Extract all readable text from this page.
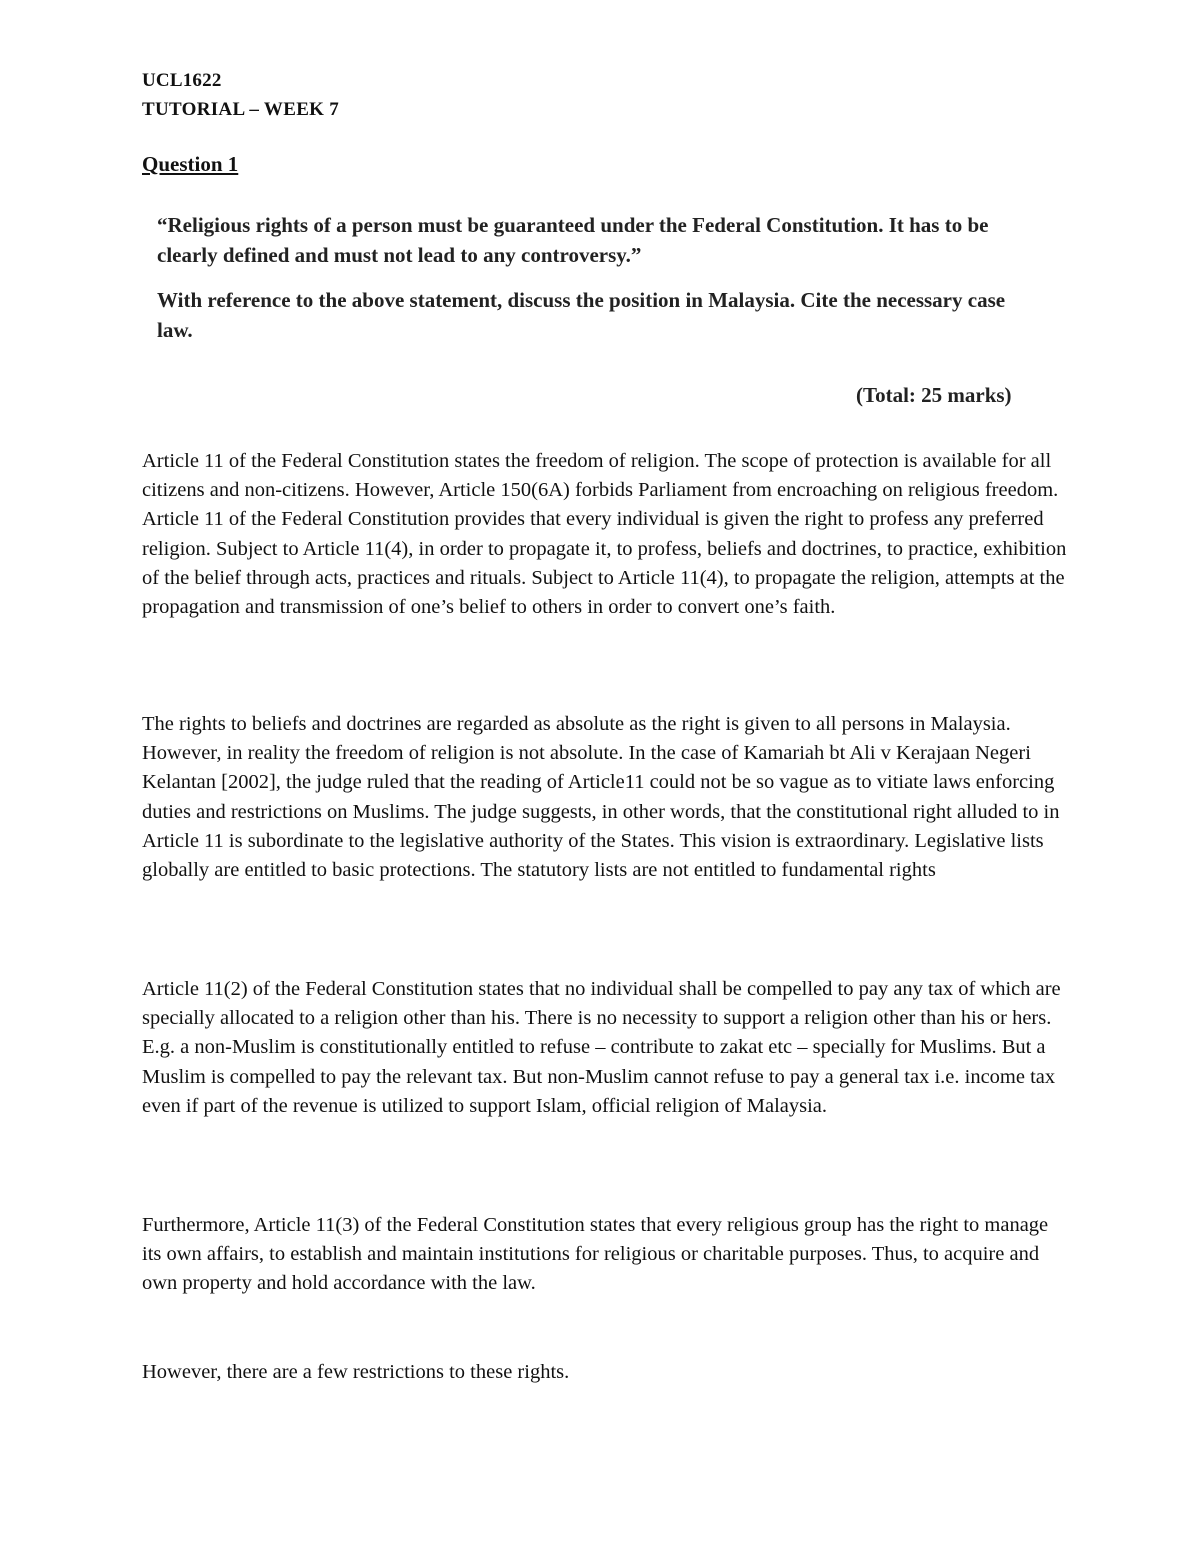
UCL1622
TUTORIAL – WEEK 7
Question 1

“Religious rights of a person must be guaranteed under the Federal Constitution. It has to be clearly defined and must not lead to any controversy.”

With reference to the above statement, discuss the position in Malaysia. Cite the necessary case law.

(Total: 25 marks)

Article 11 of the Federal Constitution states the freedom of religion. The scope of protection is available for all citizens and non-citizens. However, Article 150(6A) forbids Parliament from encroaching on religious freedom. Article 11 of the Federal Constitution provides that every individual is given the right to profess any preferred religion. Subject to Article 11(4), in order to propagate it, to profess, beliefs and doctrines, to practice, exhibition of the belief through acts, practices and rituals. Subject to Article 11(4), to propagate the religion, attempts at the propagation and transmission of one’s belief to others in order to convert one’s faith.

The rights to beliefs and doctrines are regarded as absolute as the right is given to all persons in Malaysia. However, in reality the freedom of religion is not absolute. In the case of Kamariah bt Ali v Kerajaan Negeri Kelantan [2002], the judge ruled that the reading of Article11 could not be so vague as to vitiate laws enforcing duties and restrictions on Muslims. The judge suggests, in other words, that the constitutional right alluded to in Article 11 is subordinate to the legislative authority of the States. This vision is extraordinary. Legislative lists globally are entitled to basic protections. The statutory lists are not entitled to fundamental rights

Article 11(2) of the Federal Constitution states that no individual shall be compelled to pay any tax of which are specially allocated to a religion other than his. There is no necessity to support a religion other than his or hers. E.g. a non-Muslim is constitutionally entitled to refuse – contribute to zakat etc – specially for Muslims. But a Muslim is compelled to pay the relevant tax. But non-Muslim cannot refuse to pay a general tax i.e. income tax even if part of the revenue is utilized to support Islam, official religion of Malaysia.

Furthermore, Article 11(3) of the Federal Constitution states that every religious group has the right to manage its own affairs, to establish and maintain institutions for religious or charitable purposes. Thus, to acquire and own property and hold accordance with the law.

However, there are a few restrictions to these rights.
